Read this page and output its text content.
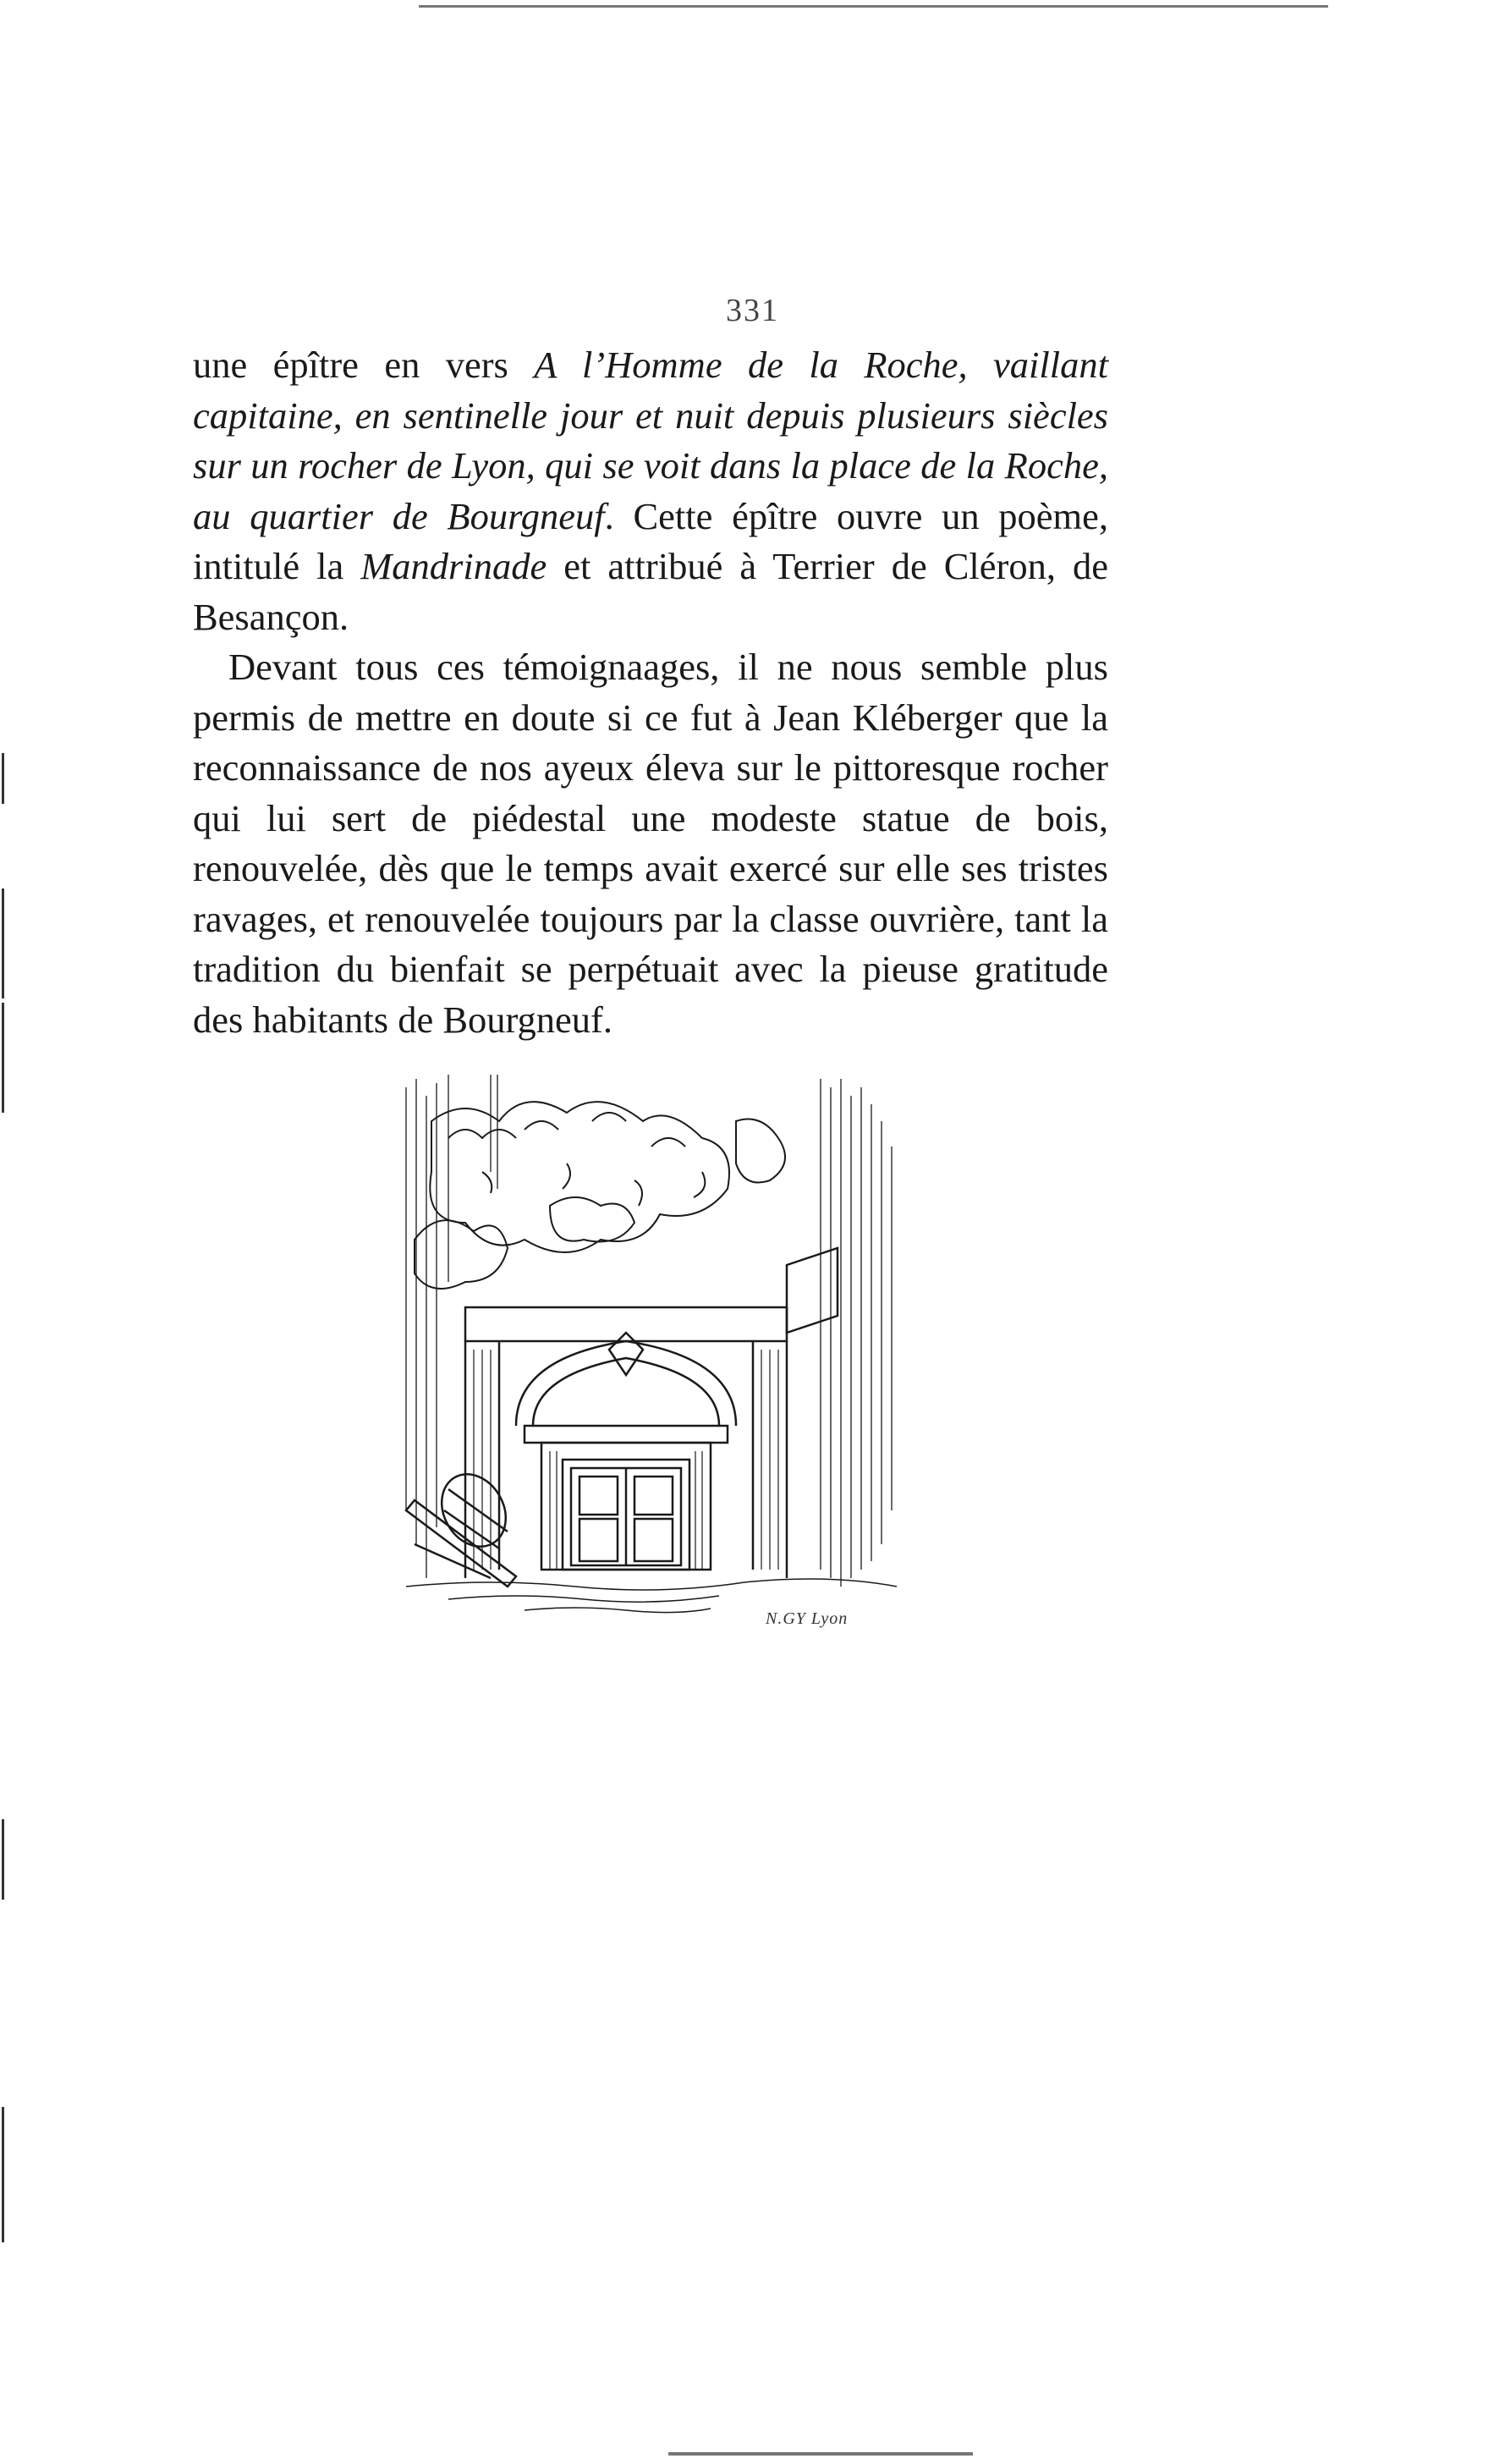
331

une épître en vers A l’Homme de la Roche, vaillant capitaine, en sentinelle jour et nuit depuis plusieurs siècles sur un rocher de Lyon, qui se voit dans la place de la Roche, au quartier de Bourgneuf. Cette épître ouvre un poème, intitulé la Mandrinade et attribué à Terrier de Cléron, de Besançon.

Devant tous ces témoignaages, il ne nous semble plus permis de mettre en doute si ce fut à Jean Kléberger que la reconnaissance de nos ayeux éleva sur le pittoresque rocher qui lui sert de piédestal une modeste statue de bois, renouvelée, dès que le temps avait exercé sur elle ses tristes ravages, et renouvelée toujours par la classe ouvrière, tant la tradition du bienfait se perpétuait avec la pieuse gratitude des habitants de Bourgneuf.

N.GY Lyon
